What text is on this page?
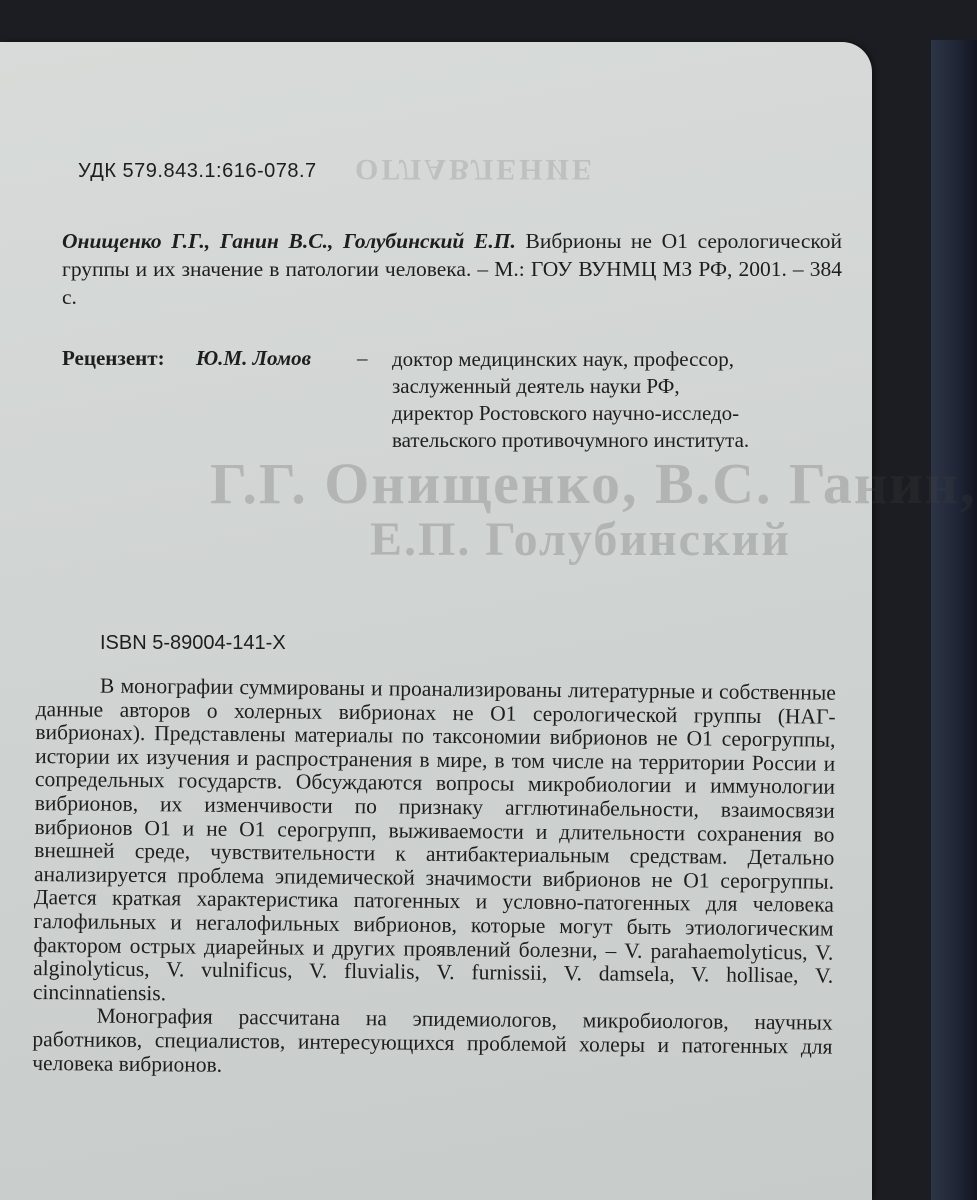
ОГЛАВЛЕНИЕ
Г.Г. Онищенко, В.С. Ганин,
Е.П. Голубинский
УДК 579.843.1:616-078.7
Онищенко Г.Г., Ганин В.С., Голубинский Е.П. Вибрионы не О1 серологической группы и их значение в патологии человека. – М.: ГОУ ВУНМЦ МЗ РФ, 2001. – 384 с.
Рецензент: Ю.М. Ломов – доктор медицинских наук, профессор,
заслуженный деятель науки РФ,
директор Ростовского научно-исследо-
вательского противочумного института.
ISBN 5-89004-141-X

В монографии суммированы и проанализированы литературные и собственные данные авторов о холерных вибрионах не О1 серологической группы (НАГ-вибрионах). Представлены материалы по таксономии вибрионов не О1 серогруппы, истории их изучения и распространения в мире, в том числе на территории России и сопредельных государств. Обсуждаются вопросы микробиологии и иммунологии вибрионов, их изменчивости по признаку агглютинабельности, взаимосвязи вибрионов О1 и не О1 серогрупп, выживаемости и длительности сохранения во внешней среде, чувствительности к антибактериальным средствам. Детально анализируется проблема эпидемической значимости вибрионов не О1 серогруппы. Дается краткая характеристика патогенных и условно-патогенных для человека галофильных и негалофильных вибрионов, которые могут быть этиологическим фактором острых диарейных и других проявлений болезни, – V. parahaemolyticus, V. alginolyticus, V. vulnificus, V. fluvialis, V. furnissii, V. damsela, V. hollisae, V. cincinnatiensis.

Монография рассчитана на эпидемиологов, микробиологов, научных работников, специалистов, интересующихся проблемой холеры и патогенных для человека вибрионов.
